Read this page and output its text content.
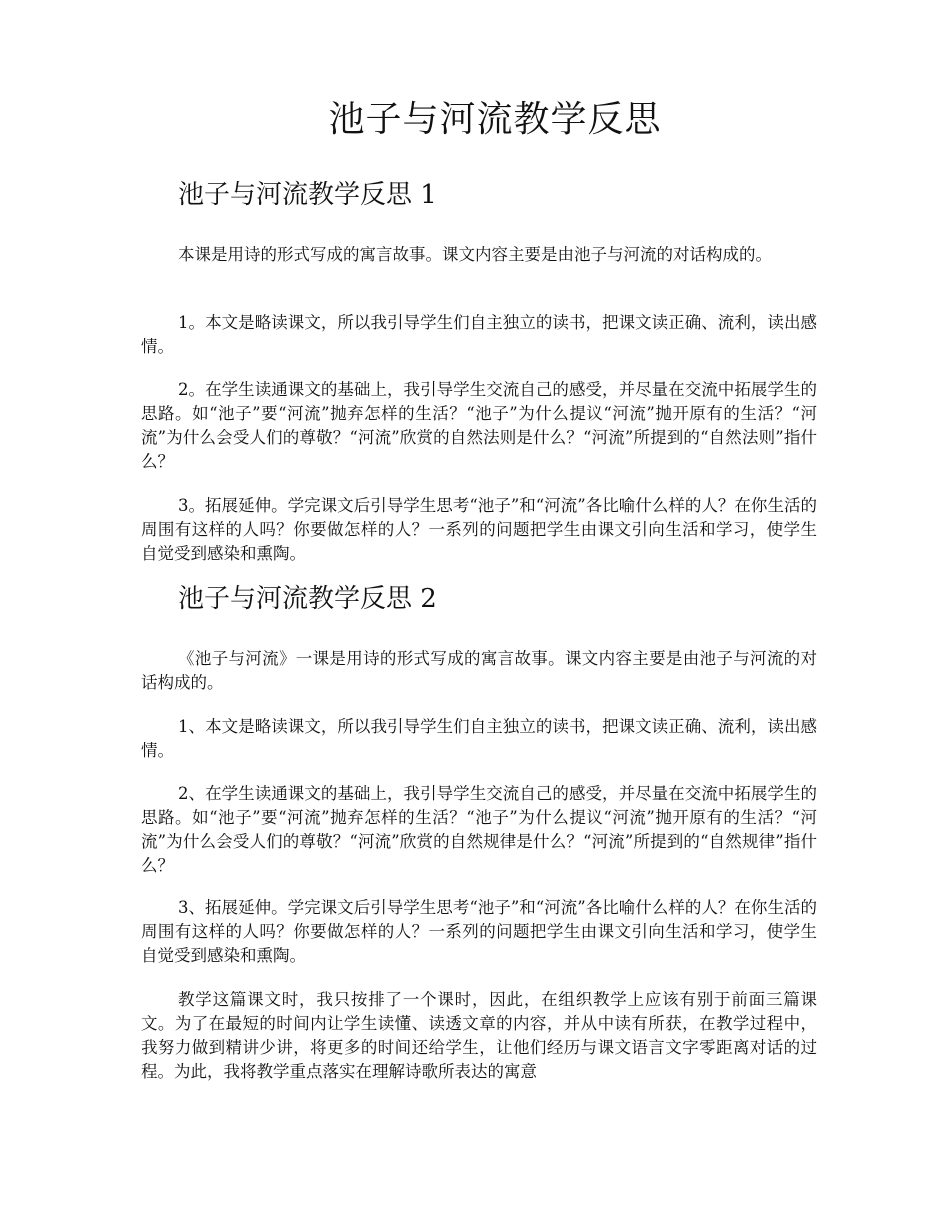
池子与河流教学反思
池子与河流教学反思 1

本课是用诗的形式写成的寓言故事。课文内容主要是由池子与河流的对话构成的。

1。本文是略读课文，所以我引导学生们自主独立的读书，把课文读正确、流利，读出感情。

2。在学生读通课文的基础上，我引导学生交流自己的感受，并尽量在交流中拓展学生的思路。如“池子”要“河流”抛弃怎样的生活？“池子”为什么提议“河流”抛开原有的生活？“河流”为什么会受人们的尊敬？“河流”欣赏的自然法则是什么？“河流”所提到的“自然法则”指什么？

3。拓展延伸。学完课文后引导学生思考“池子”和“河流”各比喻什么样的人？在你生活的周围有这样的人吗？你要做怎样的人？一系列的问题把学生由课文引向生活和学习，使学生自觉受到感染和熏陶。

池子与河流教学反思 2

《池子与河流》一课是用诗的形式写成的寓言故事。课文内容主要是由池子与河流的对话构成的。

1、本文是略读课文，所以我引导学生们自主独立的读书，把课文读正确、流利，读出感情。

2、在学生读通课文的基础上，我引导学生交流自己的感受，并尽量在交流中拓展学生的思路。如“池子”要“河流”抛弃怎样的生活？“池子”为什么提议“河流”抛开原有的生活？“河流”为什么会受人们的尊敬？“河流”欣赏的自然规律是什么？“河流”所提到的“自然规律”指什么？

3、拓展延伸。学完课文后引导学生思考“池子”和“河流”各比喻什么样的人？在你生活的周围有这样的人吗？你要做怎样的人？一系列的问题把学生由课文引向生活和学习，使学生自觉受到感染和熏陶。

教学这篇课文时，我只按排了一个课时，因此，在组织教学上应该有别于前面三篇课文。为了在最短的时间内让学生读懂、读透文章的内容，并从中读有所获，在教学过程中，我努力做到精讲少讲，将更多的时间还给学生，让他们经历与课文语言文字零距离对话的过程。为此，我将教学重点落实在理解诗歌所表达的寓意
